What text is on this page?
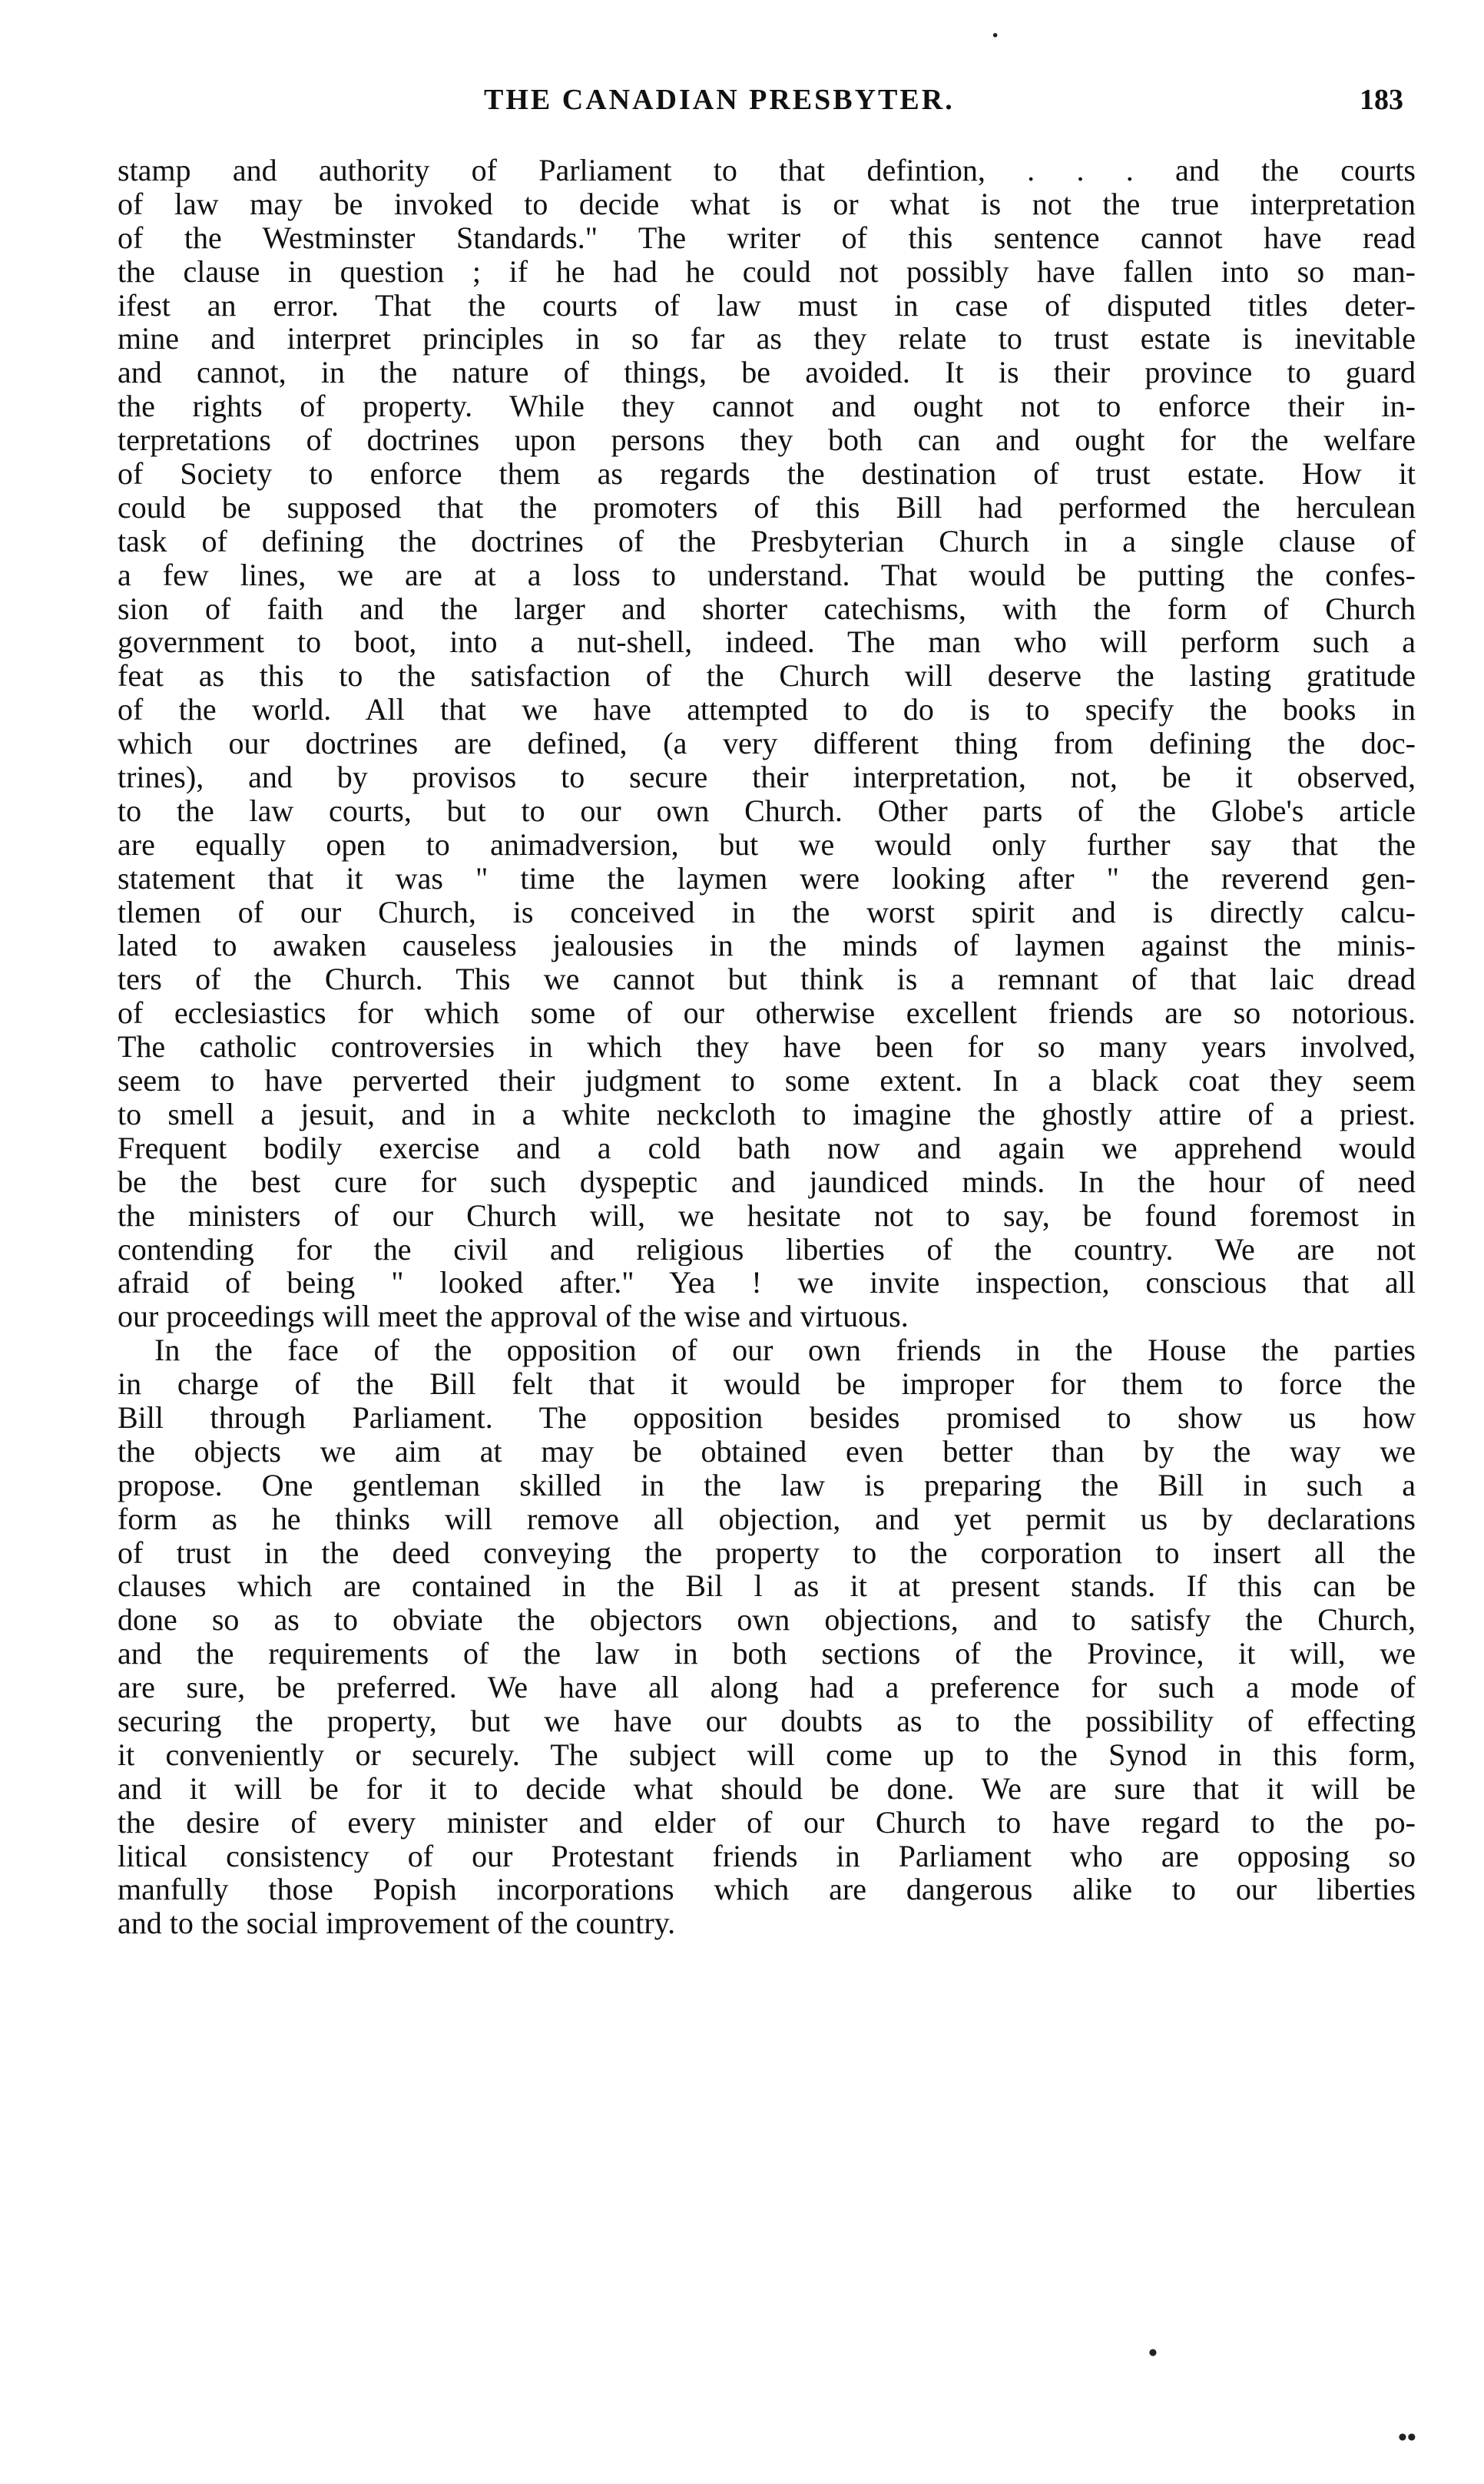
THE CANADIAN PRESBYTER.	183
stamp and authority of Parliament to that defintion, . . . and the courts
of law may be invoked to decide what is or what is not the true interpretation
of the Westminster Standards." The writer of this sentence cannot have read
the clause in question ; if he had he could not possibly have fallen into so man-
ifest an error. That the courts of law must in case of disputed titles deter-
mine and interpret principles in so far as they relate to trust estate is inevitable
and cannot, in the nature of things, be avoided. It is their province to guard
the rights of property. While they cannot and ought not to enforce their in-
terpretations of doctrines upon persons they both can and ought for the welfare
of Society to enforce them as regards the destination of trust estate. How it
could be supposed that the promoters of this Bill had performed the herculean
task of defining the doctrines of the Presbyterian Church in a single clause of
a few lines, we are at a loss to understand. That would be putting the confes-
sion of faith and the larger and shorter catechisms, with the form of Church
government to boot, into a nut-shell, indeed. The man who will perform such a
feat as this to the satisfaction of the Church will deserve the lasting gratitude
of the world. All that we have attempted to do is to specify the books in
which our doctrines are defined, (a very different thing from defining the doc-
trines), and by provisos to secure their interpretation, not, be it observed,
to the law courts, but to our own Church. Other parts of the Globe's article
are equally open to animadversion, but we would only further say that the
statement that it was " time the laymen were looking after " the reverend gen-
tlemen of our Church, is conceived in the worst spirit and is directly calcu-
lated to awaken causeless jealousies in the minds of laymen against the minis-
ters of the Church. This we cannot but think is a remnant of that laic dread
of ecclesiastics for which some of our otherwise excellent friends are so notorious.
The catholic controversies in which they have been for so many years involved,
seem to have perverted their judgment to some extent. In a black coat they seem
to smell a jesuit, and in a white neckcloth to imagine the ghostly attire of a priest.
Frequent bodily exercise and a cold bath now and again we apprehend would
be the best cure for such dyspeptic and jaundiced minds. In the hour of need
the ministers of our Church will, we hesitate not to say, be found foremost in
contending for the civil and religious liberties of the country. We are not
afraid of being " looked after." Yea ! we invite inspection, conscious that all
our proceedings will meet the approval of the wise and virtuous.
In the face of the opposition of our own friends in the House the parties
in charge of the Bill felt that it would be improper for them to force the
Bill through Parliament. The opposition besides promised to show us how
the objects we aim at may be obtained even better than by the way we
propose. One gentleman skilled in the law is preparing the Bill in such a
form as he thinks will remove all objection, and yet permit us by declarations
of trust in the deed conveying the property to the corporation to insert all the
clauses which are contained in the Bil l as it at present stands. If this can be
done so as to obviate the objectors own objections, and to satisfy the Church,
and the requirements of the law in both sections of the Province, it will, we
are sure, be preferred. We have all along had a preference for such a mode of
securing the property, but we have our doubts as to the possibility of effecting
it conveniently or securely. The subject will come up to the Synod in this form,
and it will be for it to decide what should be done. We are sure that it will be
the desire of every minister and elder of our Church to have regard to the po-
litical consistency of our Protestant friends in Parliament who are opposing so
manfully those Popish incorporations which are dangerous alike to our liberties
and to the social improvement of the country.
·
•
••
